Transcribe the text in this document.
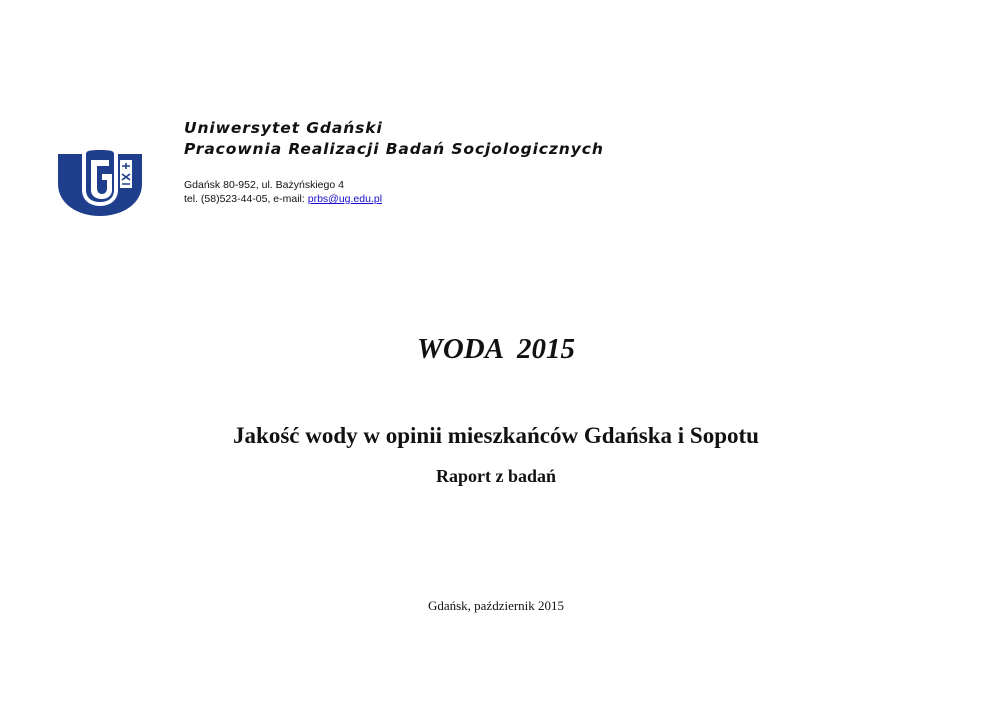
Uniwersytet Gdański
Pracownia Realizacji Badań Socjologicznych
Gdańsk 80-952, ul. Bażyńskiego 4
tel. (58)523-44-05, e-mail: prbs@ug.edu.pl
WODA  2015
Jakość wody w opinii mieszkańców Gdańska i Sopotu
Raport z badań
Gdańsk, październik 2015
